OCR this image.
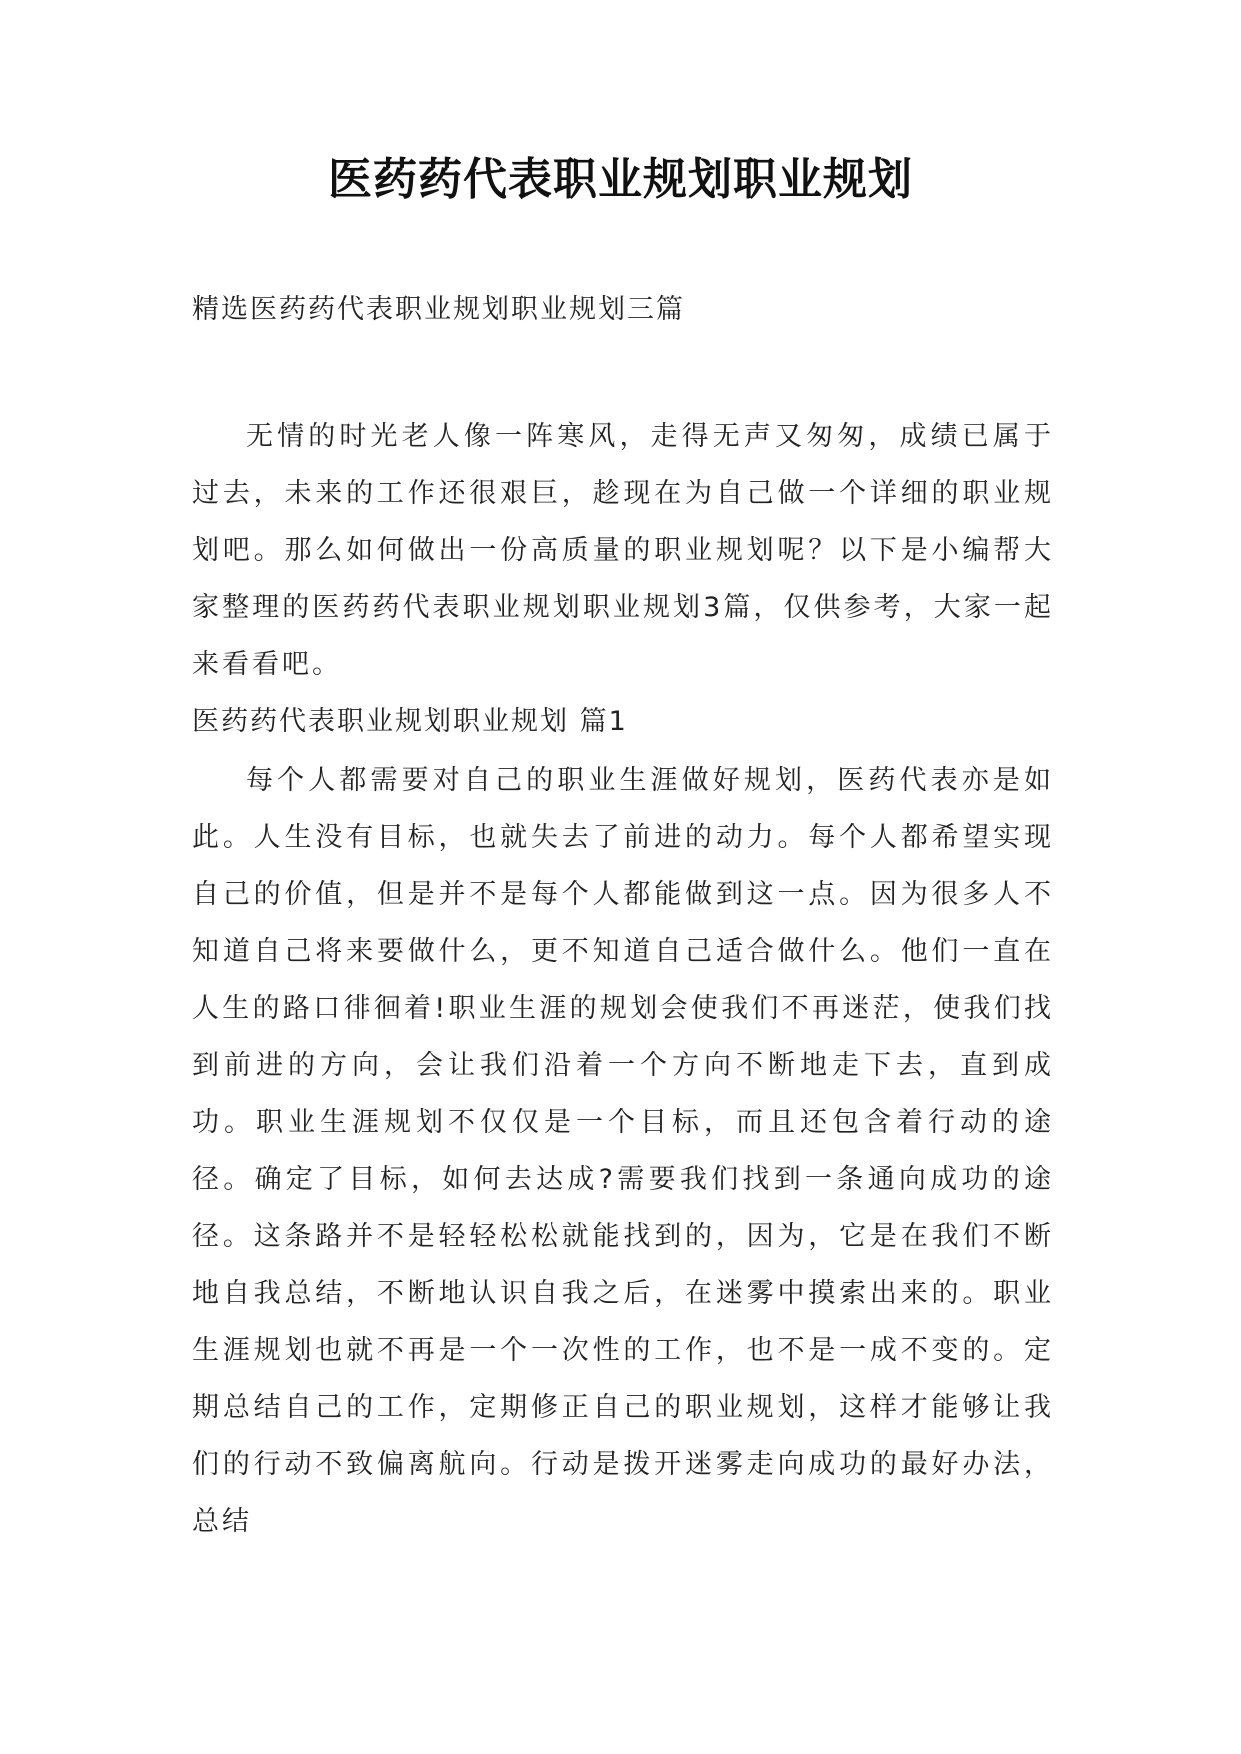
医药药代表职业规划职业规划
精选医药药代表职业规划职业规划三篇

无情的时光老人像一阵寒风，走得无声又匆匆，成绩已属于过去，未来的工作还很艰巨，趁现在为自己做一个详细的职业规划吧。那么如何做出一份高质量的职业规划呢？以下是小编帮大家整理的医药药代表职业规划职业规划3篇，仅供参考，大家一起来看看吧。

医药药代表职业规划职业规划 篇1

每个人都需要对自己的职业生涯做好规划，医药代表亦是如此。人生没有目标，也就失去了前进的动力。每个人都希望实现自己的价值，但是并不是每个人都能做到这一点。因为很多人不知道自己将来要做什么，更不知道自己适合做什么。他们一直在人生的路口徘徊着!职业生涯的规划会使我们不再迷茫，使我们找到前进的方向，会让我们沿着一个方向不断地走下去，直到成功。职业生涯规划不仅仅是一个目标，而且还包含着行动的途径。确定了目标，如何去达成?需要我们找到一条通向成功的途径。这条路并不是轻轻松松就能找到的，因为，它是在我们不断地自我总结，不断地认识自我之后，在迷雾中摸索出来的。职业生涯规划也就不再是一个一次性的工作，也不是一成不变的。定期总结自己的工作，定期修正自己的职业规划，这样才能够让我们的行动不致偏离航向。行动是拨开迷雾走向成功的最好办法，总结
